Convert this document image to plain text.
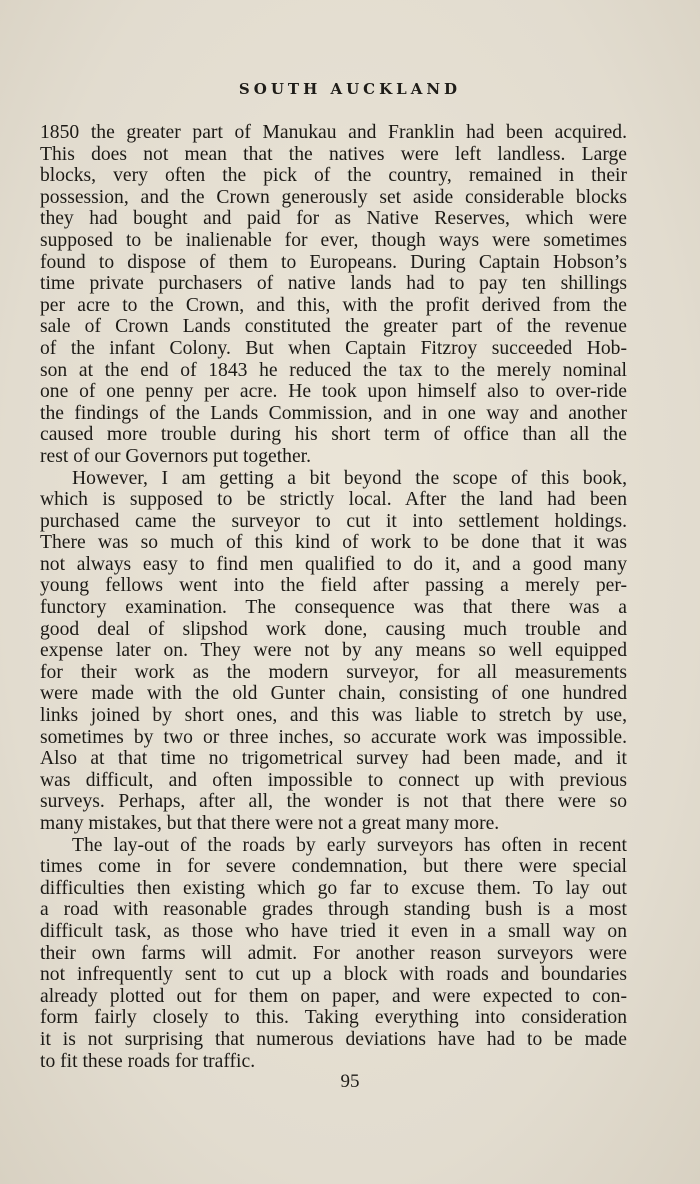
SOUTH AUCKLAND
1850 the greater part of Manukau and Franklin had been acquired.
This does not mean that the natives were left landless. Large
blocks, very often the pick of the country, remained in their
possession, and the Crown generously set aside considerable blocks
they had bought and paid for as Native Reserves, which were
supposed to be inalienable for ever, though ways were sometimes
found to dispose of them to Europeans. During Captain Hobson’s
time private purchasers of native lands had to pay ten shillings
per acre to the Crown, and this, with the profit derived from the
sale of Crown Lands constituted the greater part of the revenue
of the infant Colony. But when Captain Fitzroy succeeded Hob-
son at the end of 1843 he reduced the tax to the merely nominal
one of one penny per acre. He took upon himself also to over-ride
the findings of the Lands Commission, and in one way and another
caused more trouble during his short term of office than all the
rest of our Governors put together.
However, I am getting a bit beyond the scope of this book,
which is supposed to be strictly local. After the land had been
purchased came the surveyor to cut it into settlement holdings.
There was so much of this kind of work to be done that it was
not always easy to find men qualified to do it, and a good many
young fellows went into the field after passing a merely per-
functory examination. The consequence was that there was a
good deal of slipshod work done, causing much trouble and
expense later on. They were not by any means so well equipped
for their work as the modern surveyor, for all measurements
were made with the old Gunter chain, consisting of one hundred
links joined by short ones, and this was liable to stretch by use,
sometimes by two or three inches, so accurate work was impossible.
Also at that time no trigometrical survey had been made, and it
was difficult, and often impossible to connect up with previous
surveys. Perhaps, after all, the wonder is not that there were so
many mistakes, but that there were not a great many more.
The lay-out of the roads by early surveyors has often in recent
times come in for severe condemnation, but there were special
difficulties then existing which go far to excuse them. To lay out
a road with reasonable grades through standing bush is a most
difficult task, as those who have tried it even in a small way on
their own farms will admit. For another reason surveyors were
not infrequently sent to cut up a block with roads and boundaries
already plotted out for them on paper, and were expected to con-
form fairly closely to this. Taking everything into consideration
it is not surprising that numerous deviations have had to be made
to fit these roads for traffic.
95
